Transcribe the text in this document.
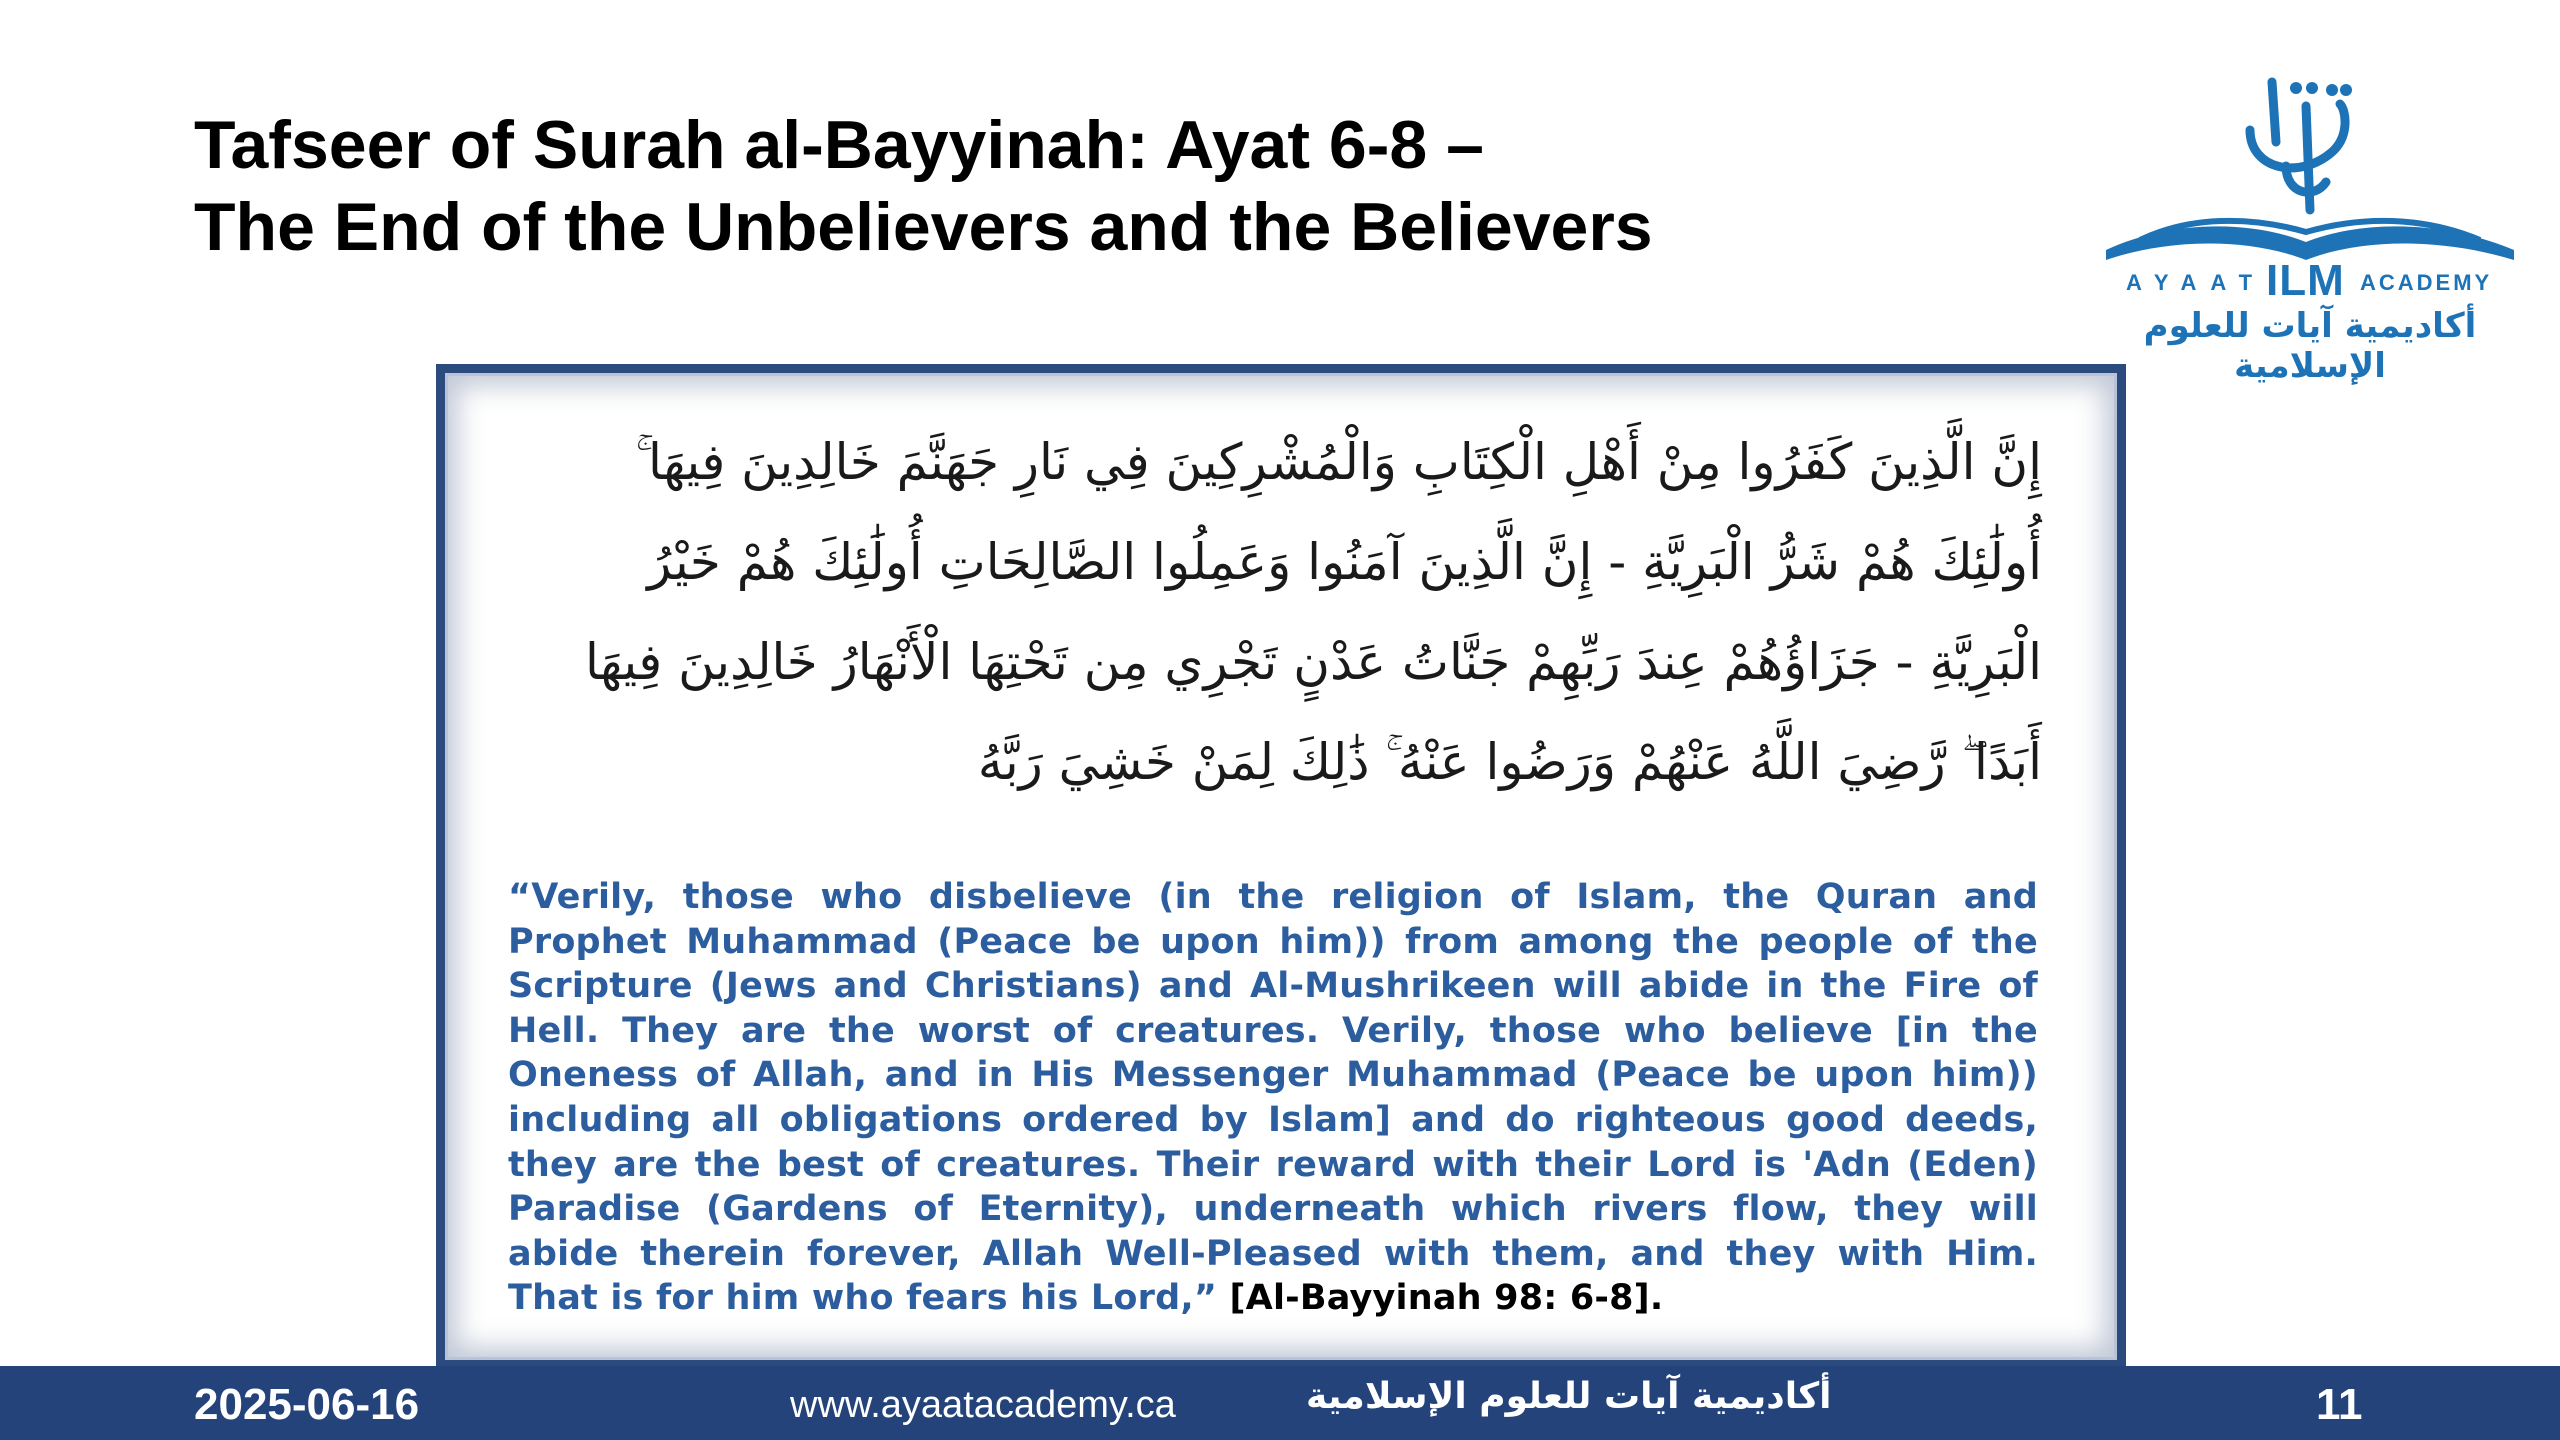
Tafseer of Surah al-Bayyinah: Ayat 6-8 –
The End of the Unbelievers and the Believers
AYAAT ILM ACADEMY
أكاديمية آيات للعلوم الإسلامية
إِنَّ الَّذِينَ كَفَرُوا مِنْ أَهْلِ الْكِتَابِ وَالْمُشْرِكِينَ فِي نَارِ جَهَنَّمَ خَالِدِينَ فِيهَا ۚ
أُولَٰئِكَ هُمْ شَرُّ الْبَرِيَّةِ - إِنَّ الَّذِينَ آمَنُوا وَعَمِلُوا الصَّالِحَاتِ أُولَٰئِكَ هُمْ خَيْرُ
الْبَرِيَّةِ - جَزَاؤُهُمْ عِندَ رَبِّهِمْ جَنَّاتُ عَدْنٍ تَجْرِي مِن تَحْتِهَا الْأَنْهَارُ خَالِدِينَ فِيهَا
أَبَدًا ۖ رَّضِيَ اللَّهُ عَنْهُمْ وَرَضُوا عَنْهُ ۚ ذَٰلِكَ لِمَنْ خَشِيَ رَبَّهُ

“Verily, those who disbelieve (in the religion of Islam, the Quran and Prophet Muhammad (Peace be upon him)) from among the people of the Scripture (Jews and Christians) and Al-Mushrikeen will abide in the Fire of Hell. They are the worst of creatures. Verily, those who believe [in the Oneness of Allah, and in His Messenger Muhammad (Peace be upon him)) including all obligations ordered by Islam] and do righteous good deeds, they are the best of creatures. Their reward with their Lord is 'Adn (Eden) Paradise (Gardens of Eternity), underneath which rivers flow, they will abide therein forever, Allah Well-Pleased with them, and they with Him. That is for him who fears his Lord,” [Al-Bayyinah 98: 6-8].

2025-06-16	www.ayaatacademy.ca	أكاديمية آيات للعلوم الإسلامية	11
